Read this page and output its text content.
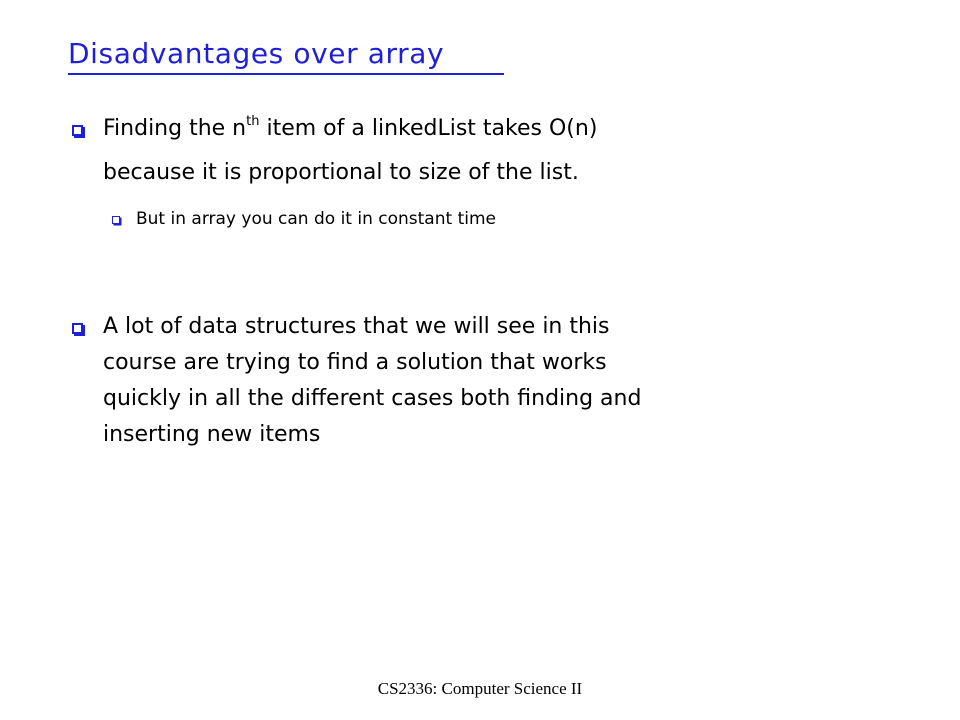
Disadvantages over array
Finding the $n^{th}$ item of a linkedList takes O(n)
because it is proportional to size of the list.
But in array you can do it in constant time
A lot of data structures that we will see in this
course are trying to find a solution that works
quickly in all the different cases both finding and
inserting new items
CS2336: Computer Science II
